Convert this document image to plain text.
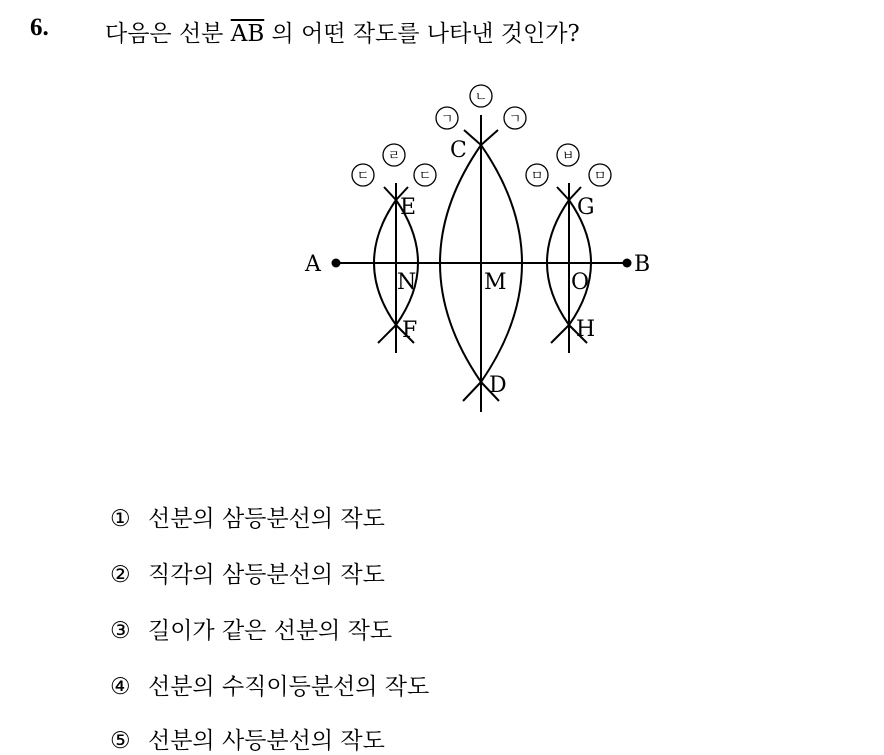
6. 다음은 선분 $\overline{AB}$ 의 어떤 작도를 나타낸 것인가?
A	B
C
D
E
F
G
H
M
N	O
ㄴ
ㄱ	ㄱ
ㄹ
ㄷ	ㄷ
ㅂ
ㅁ	ㅁ
① 선분의 삼등분선의 작도
② 직각의 삼등분선의 작도
③ 길이가 같은 선분의 작도
④ 선분의 수직이등분선의 작도
⑤ 선분의 사등분선의 작도
